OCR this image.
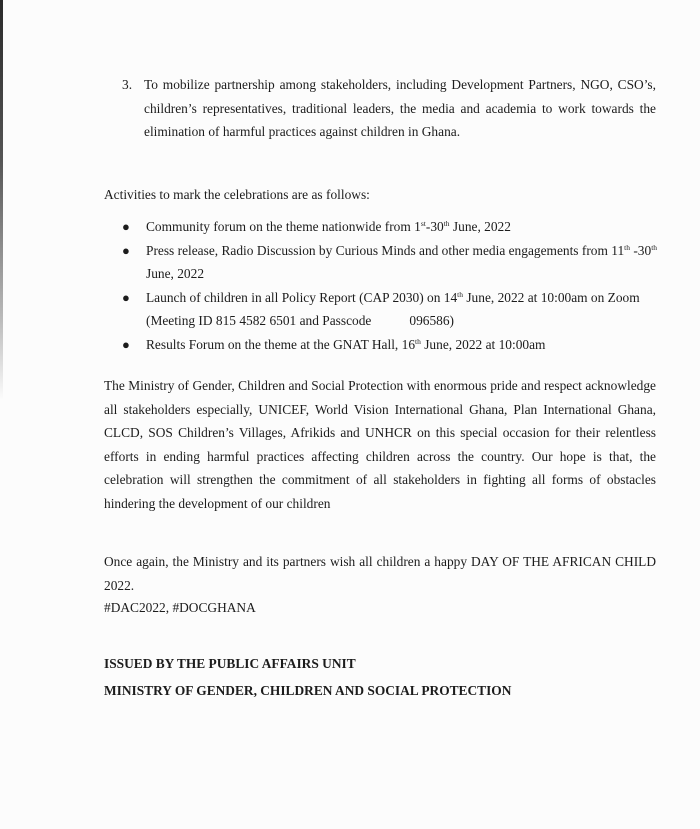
3. To mobilize partnership among stakeholders, including Development Partners, NGO, CSO’s, children’s representatives, traditional leaders, the media and academia to work towards the elimination of harmful practices against children in Ghana.
Activities to mark the celebrations are as follows:
● Community forum on the theme nationwide from 1st-30th June, 2022
● Press release, Radio Discussion by Curious Minds and other media engagements from 11th -30th June, 2022
● Launch of children in all Policy Report (CAP 2030) on 14th June, 2022 at 10:00am on Zoom (Meeting ID 815 4582 6501 and Passcode	096586)
● Results Forum on the theme at the GNAT Hall, 16th June, 2022 at 10:00am
The Ministry of Gender, Children and Social Protection with enormous pride and respect acknowledge all stakeholders especially, UNICEF, World Vision International Ghana, Plan International Ghana, CLCD, SOS Children’s Villages, Afrikids and UNHCR on this special occasion for their relentless efforts in ending harmful practices affecting children across the country. Our hope is that, the celebration will strengthen the commitment of all stakeholders in fighting all forms of obstacles hindering the development of our children
Once again, the Ministry and its partners wish all children a happy DAY OF THE AFRICAN CHILD 2022.
#DAC2022, #DOCGHANA
ISSUED BY THE PUBLIC AFFAIRS UNIT
MINISTRY OF GENDER, CHILDREN AND SOCIAL PROTECTION
